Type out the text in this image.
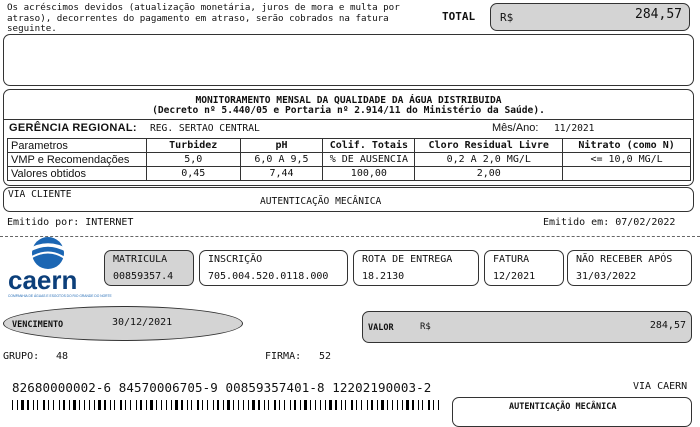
Os acréscimos devidos (atualização monetária, juros de mora e multa por
atraso), decorrentes do pagamento em atraso, serão cobrados na fatura seguinte.
TOTAL R$	284,57
MONITORAMENTO MENSAL DA QUALIDADE DA ÁGUA DISTRIBUIDA
(Decreto nº 5.440/05 e Portaria nº 2.914/11 do Ministério da Saúde).
GERÊNCIA REGIONAL: REG. SERTAO CENTRAL	Mês/Ano: 11/2021
Parametros	Turbidez	pH	Colif. Totais	Cloro Residual Livre	Nitrato (como N)
VMP e Recomendações	5,0	6,0 A 9,5	% DE AUSENCIA	0,2 A 2,0 MG/L	<= 10,0 MG/L
Valores obtidos	0,45	7,44	100,00	2,00	
VIA CLIENTE
AUTENTICAÇÃO MECÂNICA
Emitido por: INTERNET	Emitido em: 07/02/2022
caern
COMPANHIA DE ÁGUAS E ESGOTOS DO RIO GRANDE DO NORTE
MATRICULA
00859357.4
INSCRIÇÃO
705.004.520.0118.000
ROTA DE ENTREGA
18.2130
FATURA
12/2021
NÃO RECEBER APÓS
31/03/2022
VENCIMENTO	30/12/2021	VALOR	R$	284,57
GRUPO: 48	FIRMA: 52
82680000002-6 84570006705-9 00859357401-8 12202190003-2	VIA CAERN
AUTENTICAÇÃO MECÂNICA
